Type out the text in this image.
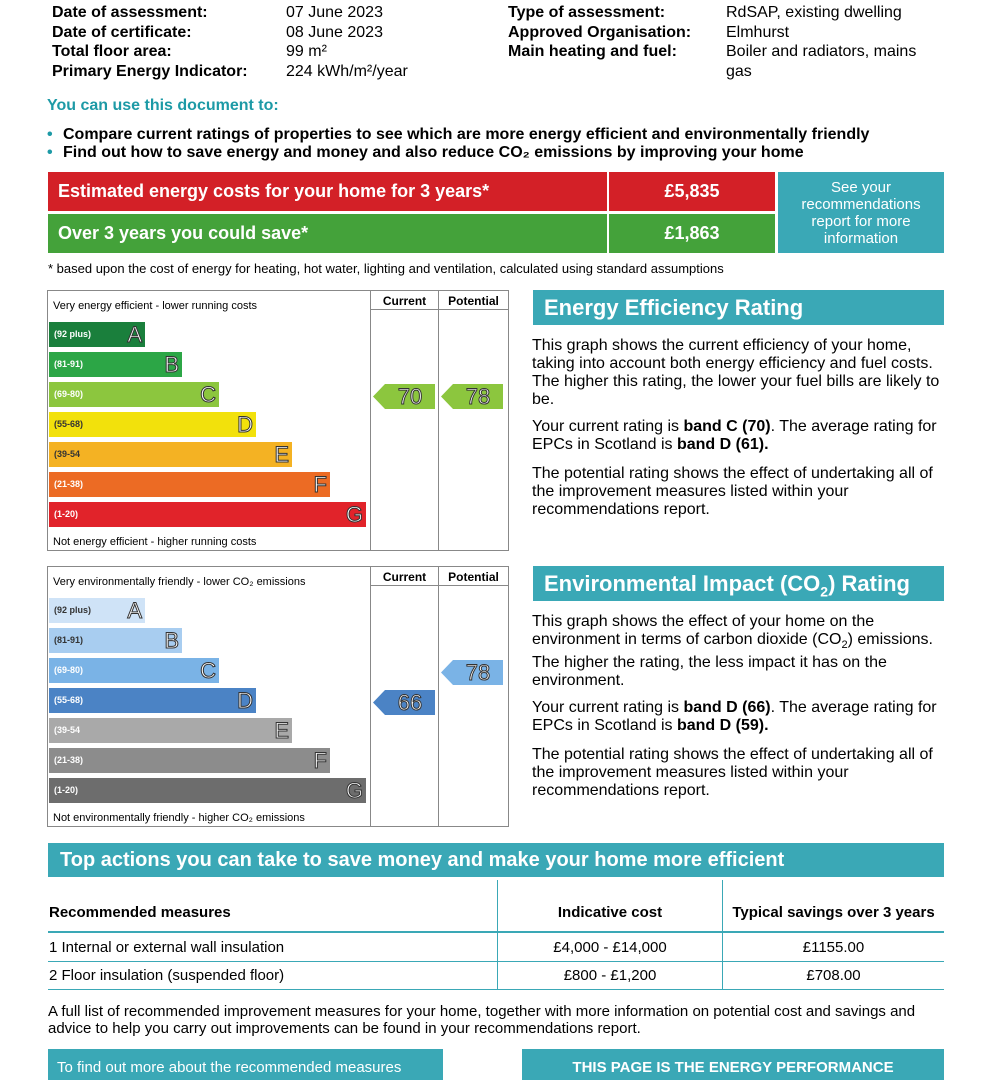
Date of assessment:	07 June 2023
Date of certificate:	08 June 2023
Total floor area:	99 m²
Primary Energy Indicator:	224 kWh/m²/year
Type of assessment:	RdSAP, existing dwelling
Approved Organisation:	Elmhurst
Main heating and fuel:	Boiler and radiators, mains
gas
You can use this document to:
• Compare current ratings of properties to see which are more energy efficient and environmentally friendly
• Find out how to save energy and money and also reduce CO₂ emissions by improving your home
Estimated energy costs for your home for 3 years*	£5,835
Over 3 years you could save*	£1,863
See your recommendations report for more information
* based upon the cost of energy for heating, hot water, lighting and ventilation, calculated using standard assumptions
Current	Potential
Very energy efficient - lower running costs
Not energy efficient - higher running costs
(92 plus) A
(81-91)	B
(69-80)	C
(55-68)	D
(39-54	E
(21-38)	F
(1-20)	G
70	78
Current	Potential
Very environmentally friendly - lower CO₂ emissions
Not environmentally friendly - higher CO₂ emissions
(92 plus) A
(81-91)	B
(69-80)	C
(55-68)	D
(39-54	E
(21-38)	F
(1-20)	G
66
78
Energy Efficiency Rating
This graph shows the current efficiency of your home, taking into account both energy efficiency and fuel costs. The higher this rating, the lower your fuel bills are likely to be.
Your current rating is band C (70). The average rating for EPCs in Scotland is band D (61).
The potential rating shows the effect of undertaking all of the improvement measures listed within your recommendations report.
Environmental Impact $(CO_2)$ Rating
This graph shows the effect of your home on the environment in terms of carbon dioxide $(CO_2)$ emissions. The higher the rating, the less impact it has on the environment.
Your current rating is band D (66). The average rating for EPCs in Scotland is band D (59).
The potential rating shows the effect of undertaking all of the improvement measures listed within your recommendations report.
Top actions you can take to save money and make your home more efficient
Recommended measures	Indicative cost	Typical savings over 3 years
1 Internal or external wall insulation	£4,000 - £14,000	£1155.00
2 Floor insulation (suspended floor)	£800 - £1,200	£708.00
A full list of recommended improvement measures for your home, together with more information on potential cost and savings and advice to help you carry out improvements can be found in your recommendations report.
To find out more about the recommended measures	THIS PAGE IS THE ENERGY PERFORMANCE
